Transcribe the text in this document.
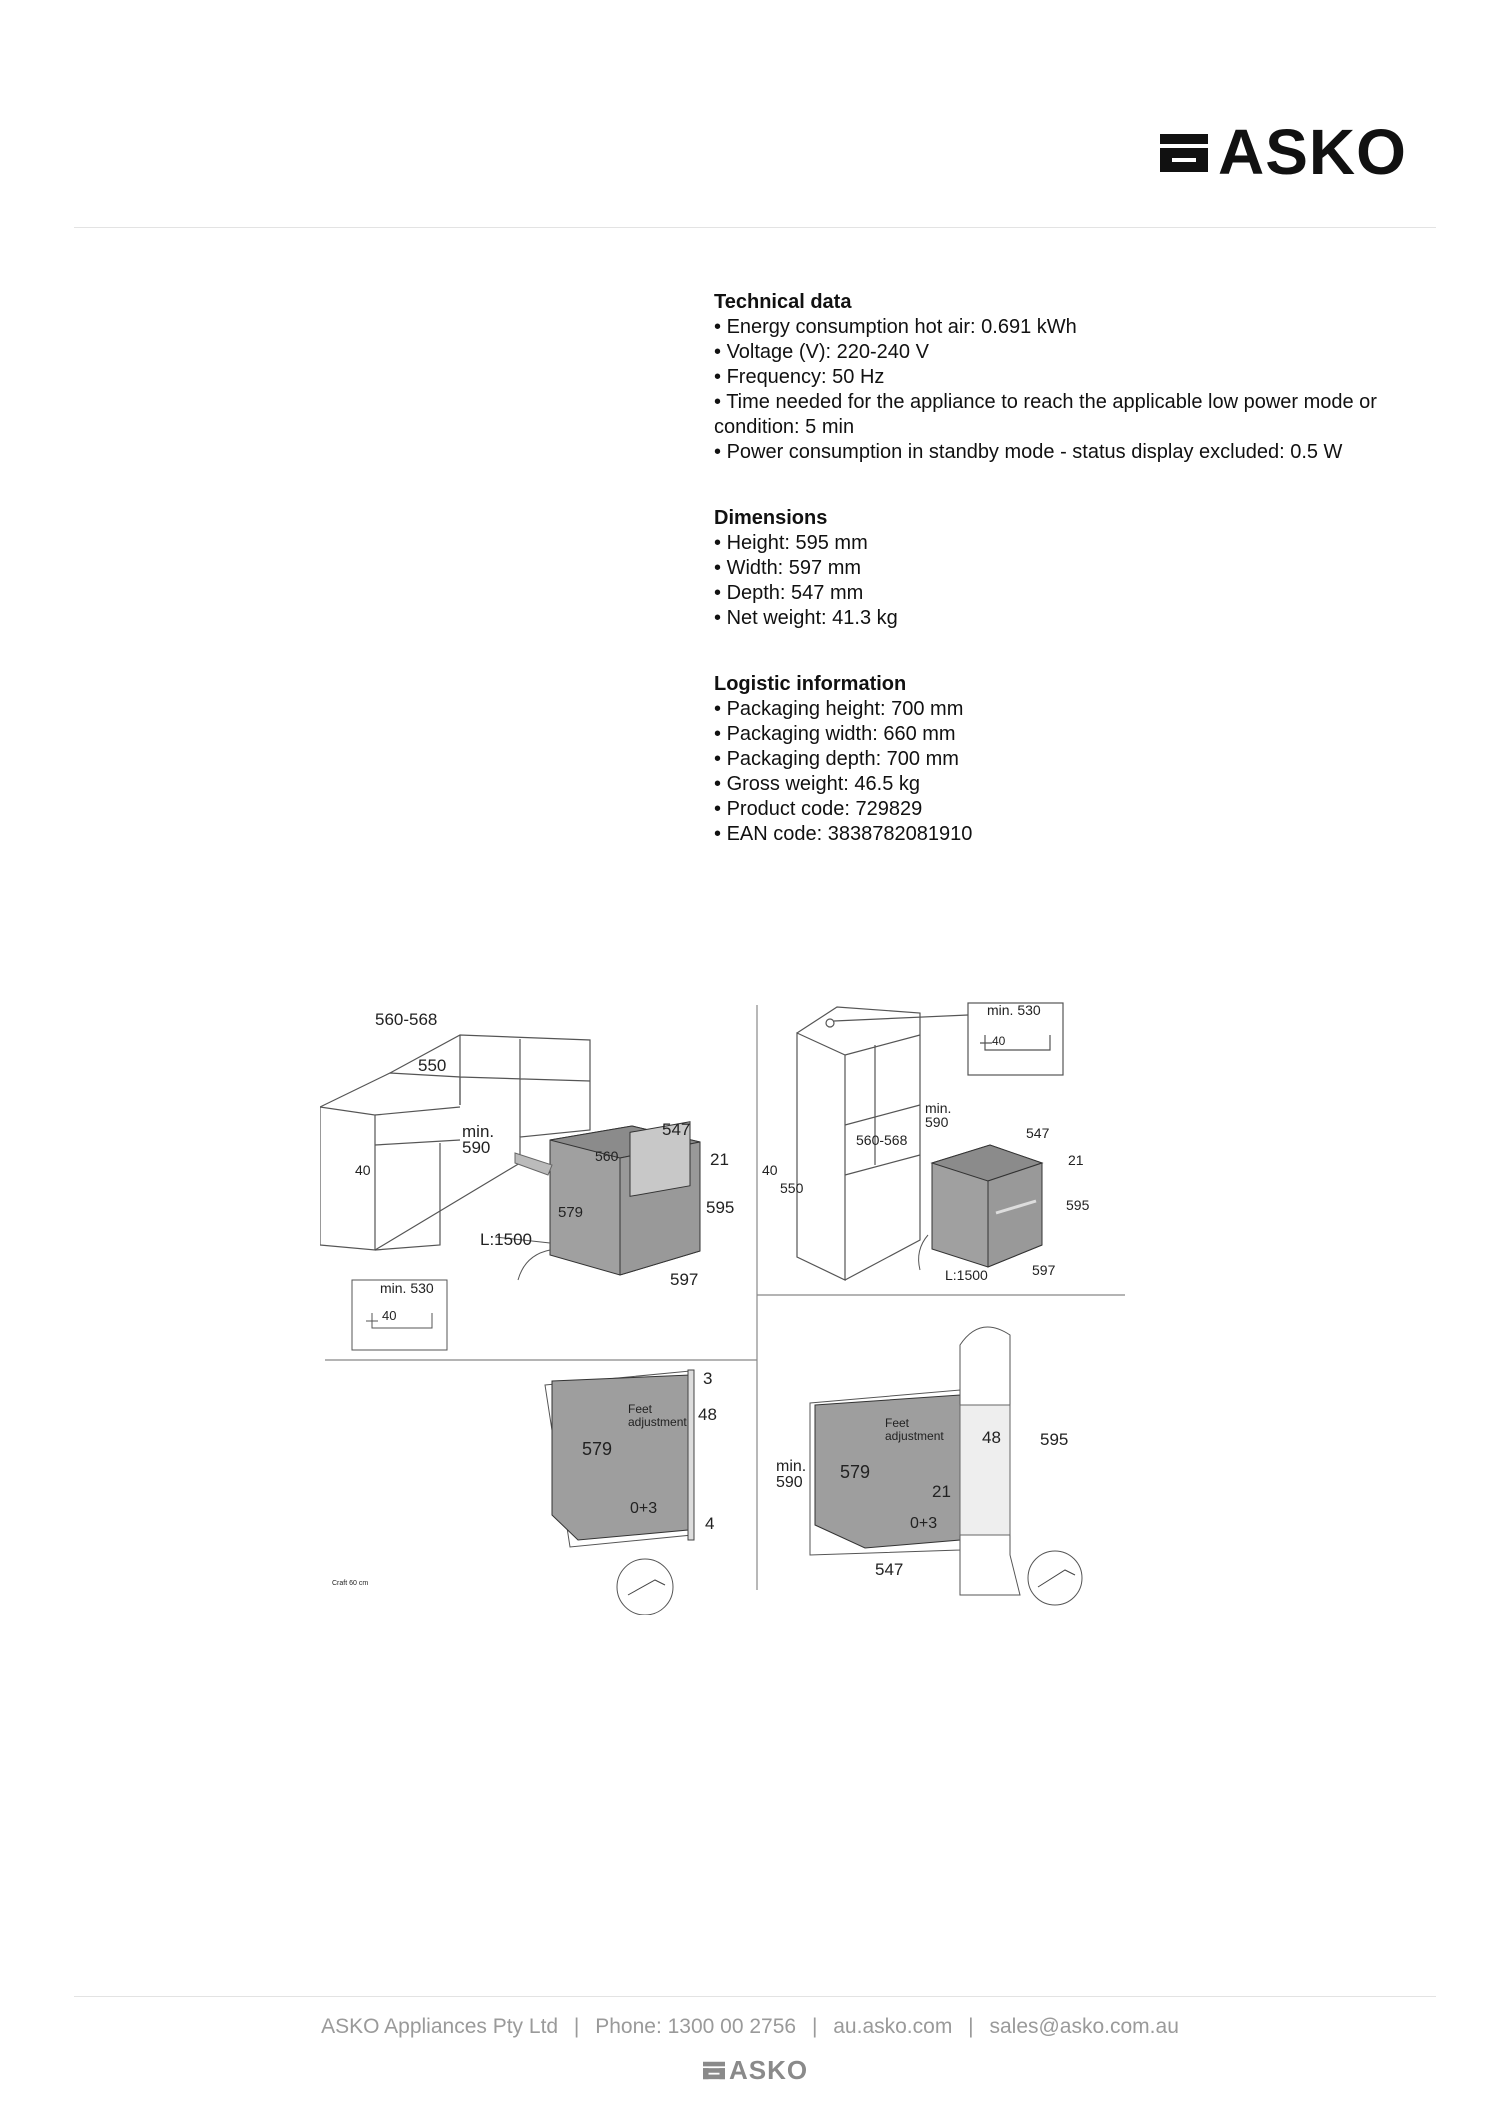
ASKO
Technical data
• Energy consumption hot air: 0.691 kWh
• Voltage (V): 220-240 V
• Frequency: 50 Hz
• Time needed for the appliance to reach the applicable low power mode or condition: 5 min
• Power consumption in standby mode - status display excluded: 0.5 W
Dimensions
• Height: 595 mm
• Width: 597 mm
• Depth: 547 mm
• Net weight: 41.3 kg
Logistic information
• Packaging height: 700 mm
• Packaging width: 660 mm
• Packaging depth: 700 mm
• Gross weight: 46.5 kg
• Product code: 729829
• EAN code: 3838782081910
560-568
550
min.
590
547
560	21
40
579	595
L:1500
597
min. 530
40
min. 530
40
min.
590
560-568	547
21
40
550
595
L:1500	597
3
Feet
adjustment 48
579
0+3
4
Craft 60 cm
Feet
adjustment 48 595
min.
590
579
21
0+3
547
ASKO Appliances Pty Ltd | Phone: 1300 00 2756 | au.asko.com | sales@asko.com.au
ASKO
